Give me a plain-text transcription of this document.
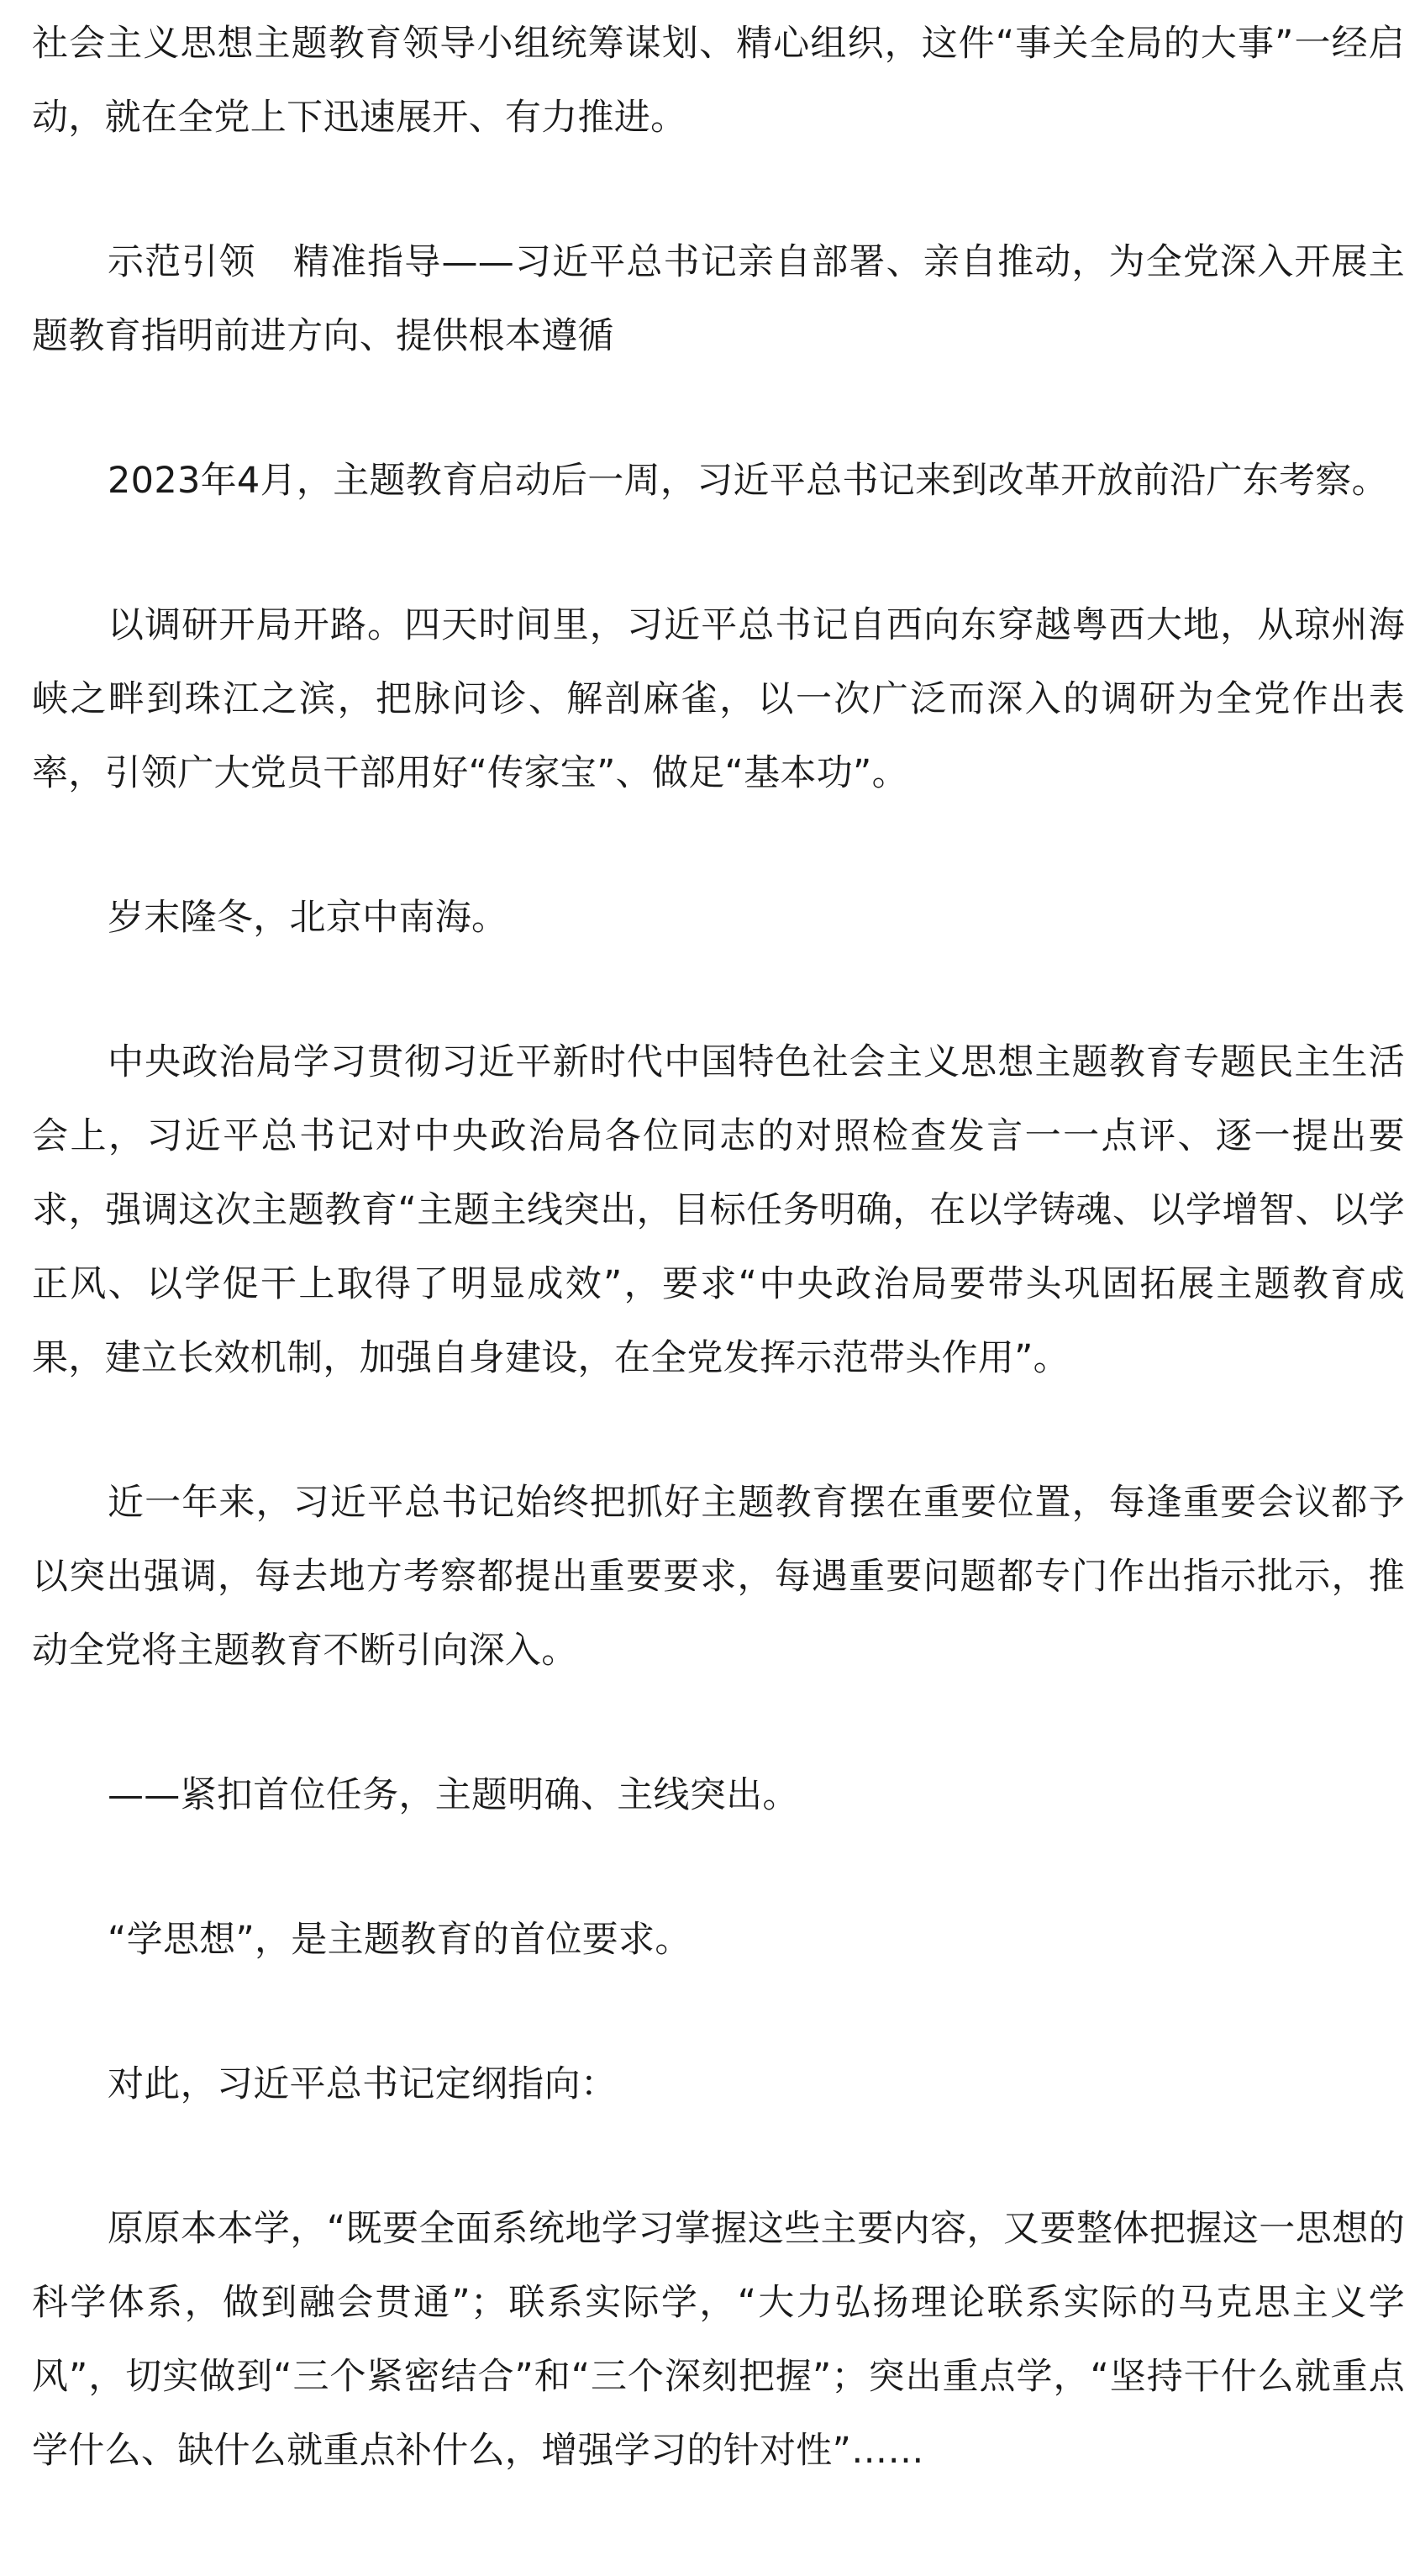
社会主义思想主题教育领导小组统筹谋划、精心组织，这件“事关全局的大事”一经启动，就在全党上下迅速展开、有力推进。

示范引领　精准指导——习近平总书记亲自部署、亲自推动，为全党深入开展主题教育指明前进方向、提供根本遵循

2023年4月，主题教育启动后一周，习近平总书记来到改革开放前沿广东考察。

以调研开局开路。四天时间里，习近平总书记自西向东穿越粤西大地，从琼州海峡之畔到珠江之滨，把脉问诊、解剖麻雀，以一次广泛而深入的调研为全党作出表率，引领广大党员干部用好“传家宝”、做足“基本功”。

岁末隆冬，北京中南海。

中央政治局学习贯彻习近平新时代中国特色社会主义思想主题教育专题民主生活会上，习近平总书记对中央政治局各位同志的对照检查发言一一点评、逐一提出要求，强调这次主题教育“主题主线突出，目标任务明确，在以学铸魂、以学增智、以学正风、以学促干上取得了明显成效”，要求“中央政治局要带头巩固拓展主题教育成果，建立长效机制，加强自身建设，在全党发挥示范带头作用”。

近一年来，习近平总书记始终把抓好主题教育摆在重要位置，每逢重要会议都予以突出强调，每去地方考察都提出重要要求，每遇重要问题都专门作出指示批示，推动全党将主题教育不断引向深入。

——紧扣首位任务，主题明确、主线突出。

“学思想”，是主题教育的首位要求。

对此，习近平总书记定纲指向：

原原本本学，“既要全面系统地学习掌握这些主要内容，又要整体把握这一思想的科学体系，做到融会贯通”；联系实际学，“大力弘扬理论联系实际的马克思主义学风”，切实做到“三个紧密结合”和“三个深刻把握”；突出重点学，“坚持干什么就重点学什么、缺什么就重点补什么，增强学习的针对性”……
